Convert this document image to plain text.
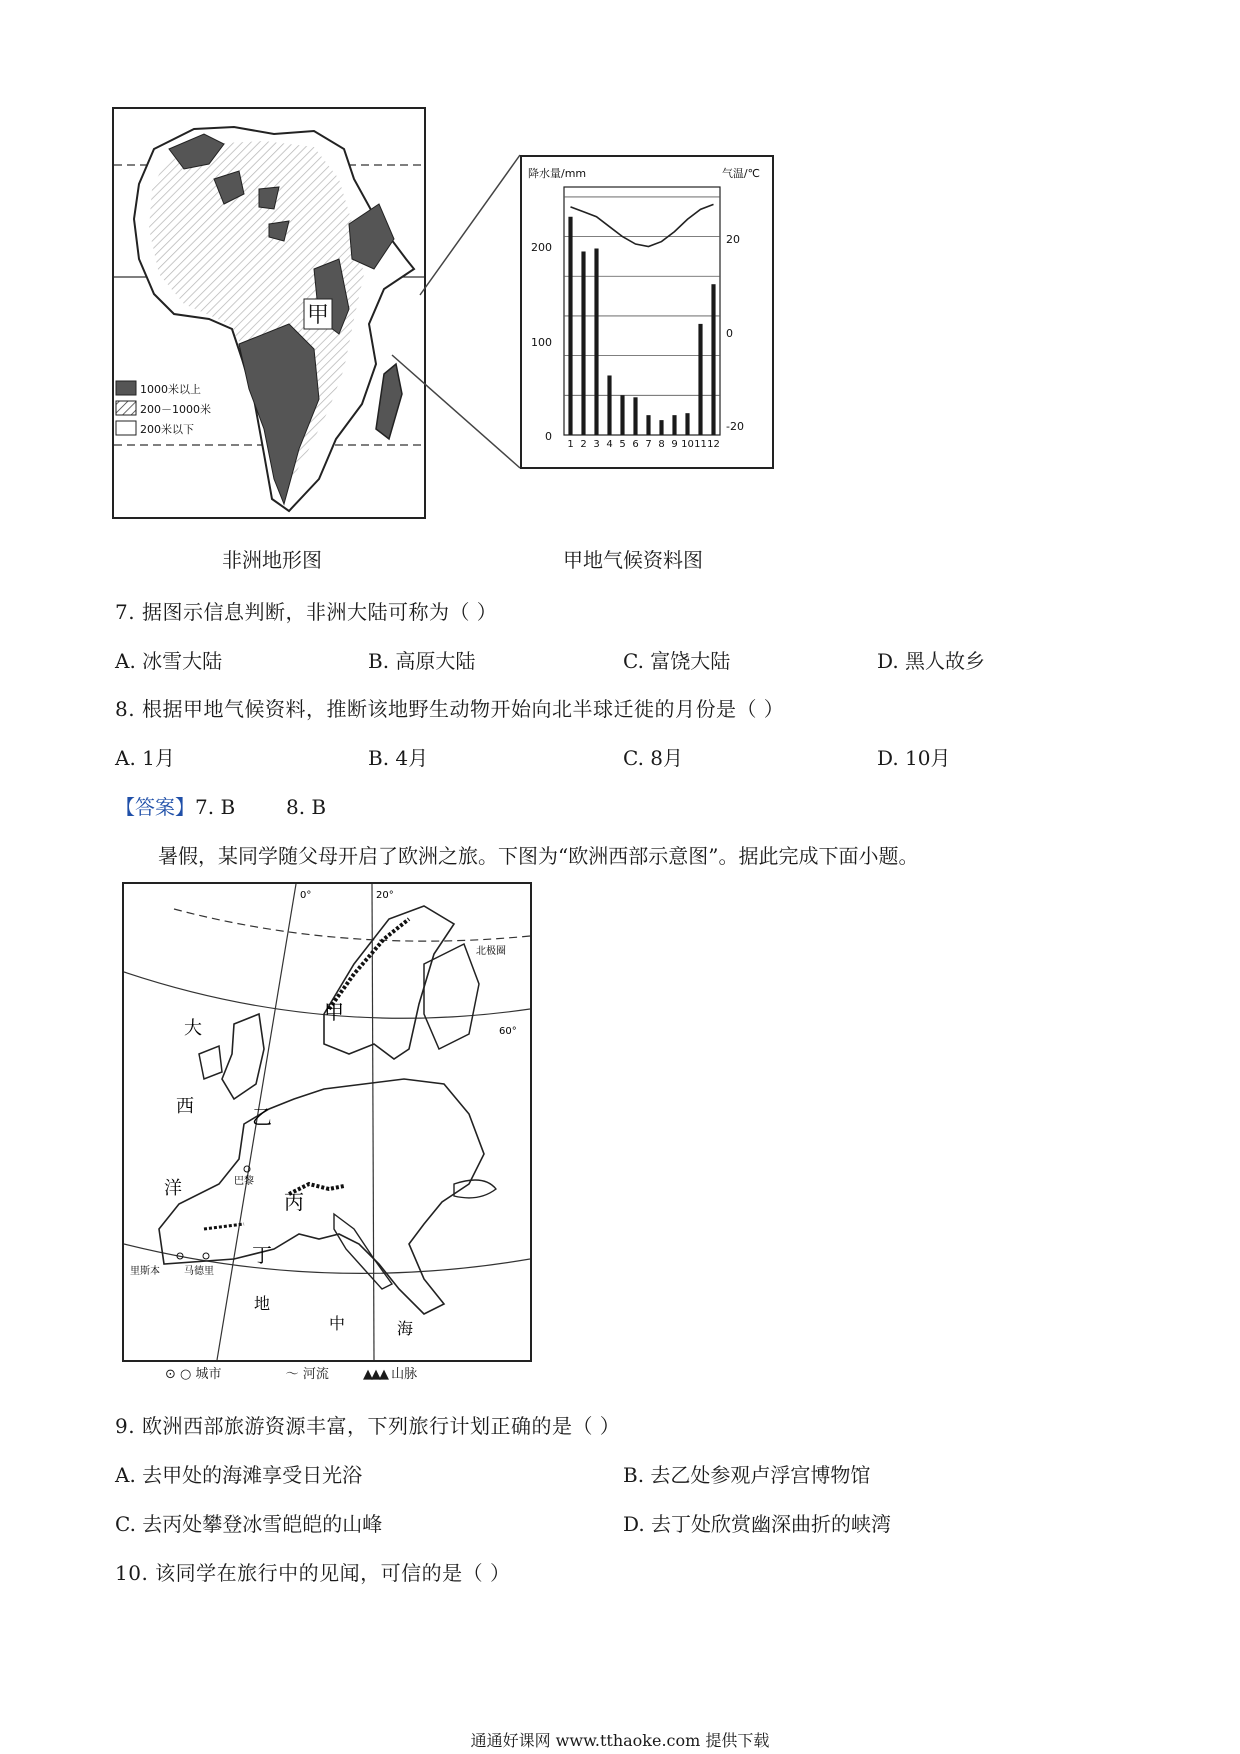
甲
1000米以上
200－1000米
200米以下
降水量/mm	气温/℃
200
100
0
20
0
-20
1 2 3 4 5 6 7 8 9 10 11 12
非洲地形图	甲地气候资料图
7. 据图示信息判断，非洲大陆可称为（ ）
A. 冰雪大陆	B. 高原大陆	C. 富饶大陆	D. 黑人故乡
8. 根据甲地气候资料，推断该地野生动物开始向北半球迁徙的月份是（ ）
A. 1月	B. 4月	C. 8月	D. 10月
【答案】7. B        8. B
暑假，某同学随父母开启了欧洲之旅。下图为“欧洲西部示意图”。据此完成下面小题。
0°	20°
60°
北极圈
巴黎
里斯本 马德里
甲
乙
丙
丁
大
西
洋
地
中	海
⊙ ○ 城市	〜 河流	▲▲▲ 山脉
9. 欧洲西部旅游资源丰富，下列旅行计划正确的是（ ）
A. 去甲处的海滩享受日光浴	B. 去乙处参观卢浮宫博物馆
C. 去丙处攀登冰雪皑皑的山峰	D. 去丁处欣赏幽深曲折的峡湾
10. 该同学在旅行中的见闻，可信的是（ ）
通通好课网 www.tthaoke.com 提供下载
